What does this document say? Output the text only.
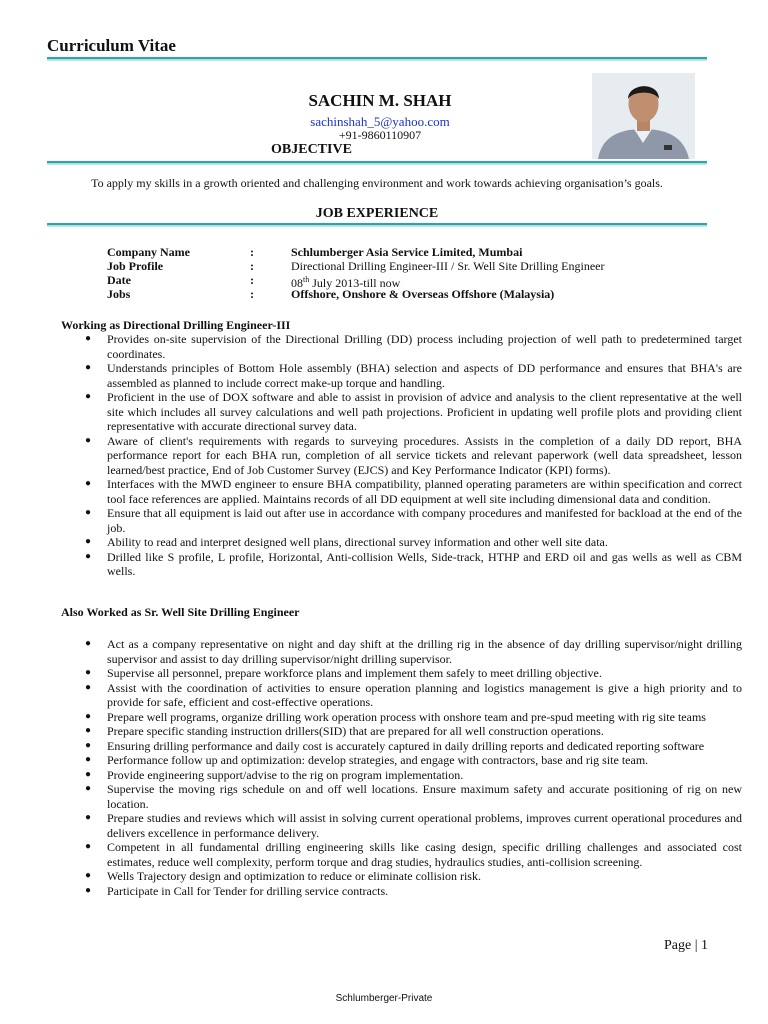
Curriculum Vitae
SACHIN M. SHAH
sachinshah_5@yahoo.com
+91-9860110907
OBJECTIVE
To apply my skills in a growth oriented and challenging environment and work towards achieving organisation’s goals.
JOB EXPERIENCE
Company Name	:	Schlumberger Asia Service Limited, Mumbai
Job Profile	:	Directional Drilling Engineer-III / Sr. Well Site Drilling Engineer
Date	:	08th July 2013-till now
Jobs	:	Offshore, Onshore & Overseas Offshore (Malaysia)
Working as Directional Drilling Engineer-III
● Provides on-site supervision of the Directional Drilling (DD) process including projection of well path to predetermined target coordinates.
● Understands principles of Bottom Hole assembly (BHA) selection and aspects of DD performance and ensures that BHA's are assembled as planned to include correct make-up torque and handling.
● Proficient in the use of DOX software and able to assist in provision of advice and analysis to the client representative at the well site which includes all survey calculations and well path projections. Proficient in updating well profile plots and providing client representative with accurate directional survey data.
● Aware of client's requirements with regards to surveying procedures. Assists in the completion of a daily DD report, BHA performance report for each BHA run, completion of all service tickets and relevant paperwork (well data spreadsheet, lesson learned/best practice, End of Job Customer Survey (EJCS) and Key Performance Indicator (KPI) forms).
● Interfaces with the MWD engineer to ensure BHA compatibility, planned operating parameters are within specification and correct tool face references are applied. Maintains records of all DD equipment at well site including dimensional data and condition.
● Ensure that all equipment is laid out after use in accordance with company procedures and manifested for backload at the end of the job.
● Ability to read and interpret designed well plans, directional survey information and other well site data.
● Drilled like S profile, L profile, Horizontal, Anti-collision Wells, Side-track, HTHP and ERD oil and gas wells as well as CBM wells.
Also Worked as Sr. Well Site Drilling Engineer
● Act as a company representative on night and day shift at the drilling rig in the absence of day drilling supervisor/night drilling supervisor and assist to day drilling supervisor/night drilling supervisor.
● Supervise all personnel, prepare workforce plans and implement them safely to meet drilling objective.
● Assist with the coordination of activities to ensure operation planning and logistics management is give a high priority and to provide for safe, efficient and cost-effective operations.
● Prepare well programs, organize drilling work operation process with onshore team and pre-spud meeting with rig site teams
● Prepare specific standing instruction drillers(SID) that are prepared for all well construction operations.
● Ensuring drilling performance and daily cost is accurately captured in daily drilling reports and dedicated reporting software
● Performance follow up and optimization: develop strategies, and engage with contractors, base and rig site team.
● Provide engineering support/advise to the rig on program implementation.
● Supervise the moving rigs schedule on and off well locations. Ensure maximum safety and accurate positioning of rig on new location.
● Prepare studies and reviews which will assist in solving current operational problems, improves current operational procedures and delivers excellence in performance delivery.
● Competent in all fundamental drilling engineering skills like casing design, specific drilling challenges and associated cost estimates, reduce well complexity, perform torque and drag studies, hydraulics studies, anti-collision screening.
● Wells Trajectory design and optimization to reduce or eliminate collision risk.
● Participate in Call for Tender for drilling service contracts.
Page | 1
Schlumberger-Private
